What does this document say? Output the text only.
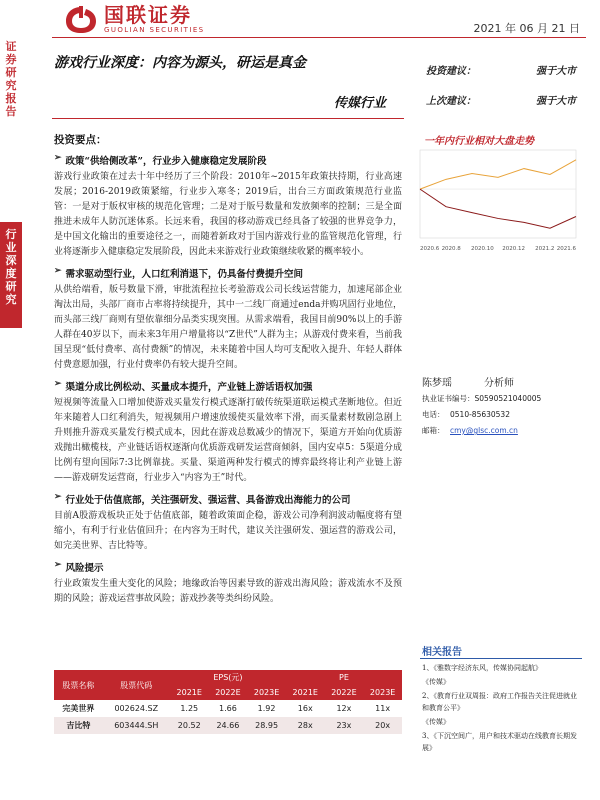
证券研究报告
行业深度研究
国联证券
GUOLIAN SECURITIES	2021 年 06 月 21 日
游戏行业深度：内容为源头，研运是真金
传媒行业
投资建议：	强于大市
上次建议：	强于大市
一年内行业相对大盘走势
2020.6 2020.8 2020.10 2020.12 2021.2 2021.6
陈梦瑶	分析师
执业证书编号：S0590521040005
电话： 0510-85630532
邮箱： cmy@glsc.com.cn
相关报告
1、《雅数字经济东风，传媒协同起航》
《传媒》
2、《教育行业双周报：政府工作报告关注促进就业和教育公平》
《传媒》
3、《下沉空间广，用户和技术驱动在线教育长期发展》
投资要点：
➢ 政策“供给侧改革”，行业步入健康稳定发展阶段
游戏行业政策在过去十年中经历了三个阶段：2010年~2015年政策扶持期，行业高速发展；2016-2019政策紧缩，行业步入寒冬；2019后，出台三方面政策规范行业监管：一是对于版权审核的规范化管理；二是对于版号数量和发放频率的控制；三是全面推进未成年人防沉迷体系。长远来看，我国的移动游戏已经具备了较强的世界竞争力，是中国文化输出的重要途径之一，而随着新政对于国内游戏行业的监管规范化管理，行业将逐渐步入健康稳定发展阶段，因此未来游戏行业政策继续收紧的概率较小。
➢ 需求驱动型行业，人口红利消退下，仍具备付费提升空间
从供给端看，版号数量下滑，审批流程拉长考验游戏公司长线运营能力，加速尾部企业淘汰出局，头部厂商市占率将持续提升，其中一二线厂商通过enda并购巩固行业地位，而头部三线厂商则有望依靠细分品类实现突围。从需求端看，我国目前90%以上的手游人群在40岁以下，而未来3年用户增量将以“Z世代”人群为主；从游戏付费来看，当前我国呈现“低付费率、高付费额”的情况，未来随着中国人均可支配收入提升、年轻人群体付费意愿加强，行业付费率仍有较大提升空间。
➢ 渠道分成比例松动、买量成本提升，产业链上游话语权加强
短视频等流量入口增加使游戏买量发行模式逐渐打破传统渠道联运模式垄断地位。但近年来随着人口红利消失，短视频用户增速放缓使买量效率下滑，而买量素材数剧急剧上升则推升游戏买量发行模式成本，因此在游戏总数减少的情况下，渠道方开始向优质游戏抛出橄榄枝，产业链话语权逐渐向优质游戏研发运营商倾斜，国内安卓5：5渠道分成比例有望向国际7:3比例靠拢。买量、渠道两种发行模式的博弈最终将让利产业链上游——游戏研发运营商，行业步入“内容为王”时代。
➢ 行业处于估值底部，关注强研发、强运营、具备游戏出海能力的公司
目前A股游戏板块正处于估值底部，随着政策面企稳，游戏公司净利润波动幅度将有望缩小，有利于行业估值回升；在内容为王时代，建议关注强研发、强运营的游戏公司，如完美世界、吉比特等。
➢ 风险提示
行业政策发生重大变化的风险；地缘政治等因素导致的游戏出海风险；游戏流水不及预期的风险；游戏运营事故风险；游戏抄袭等类纠纷风险。
股票名称	股票代码	EPS(元)			PE		
		2021E	2022E	2023E	2021E	2022E	2023E
完美世界	002624.SZ	1.25	1.66	1.92	16x	12x	11x
吉比特	603444.SH	20.52	24.66	28.95	28x	23x	20x
